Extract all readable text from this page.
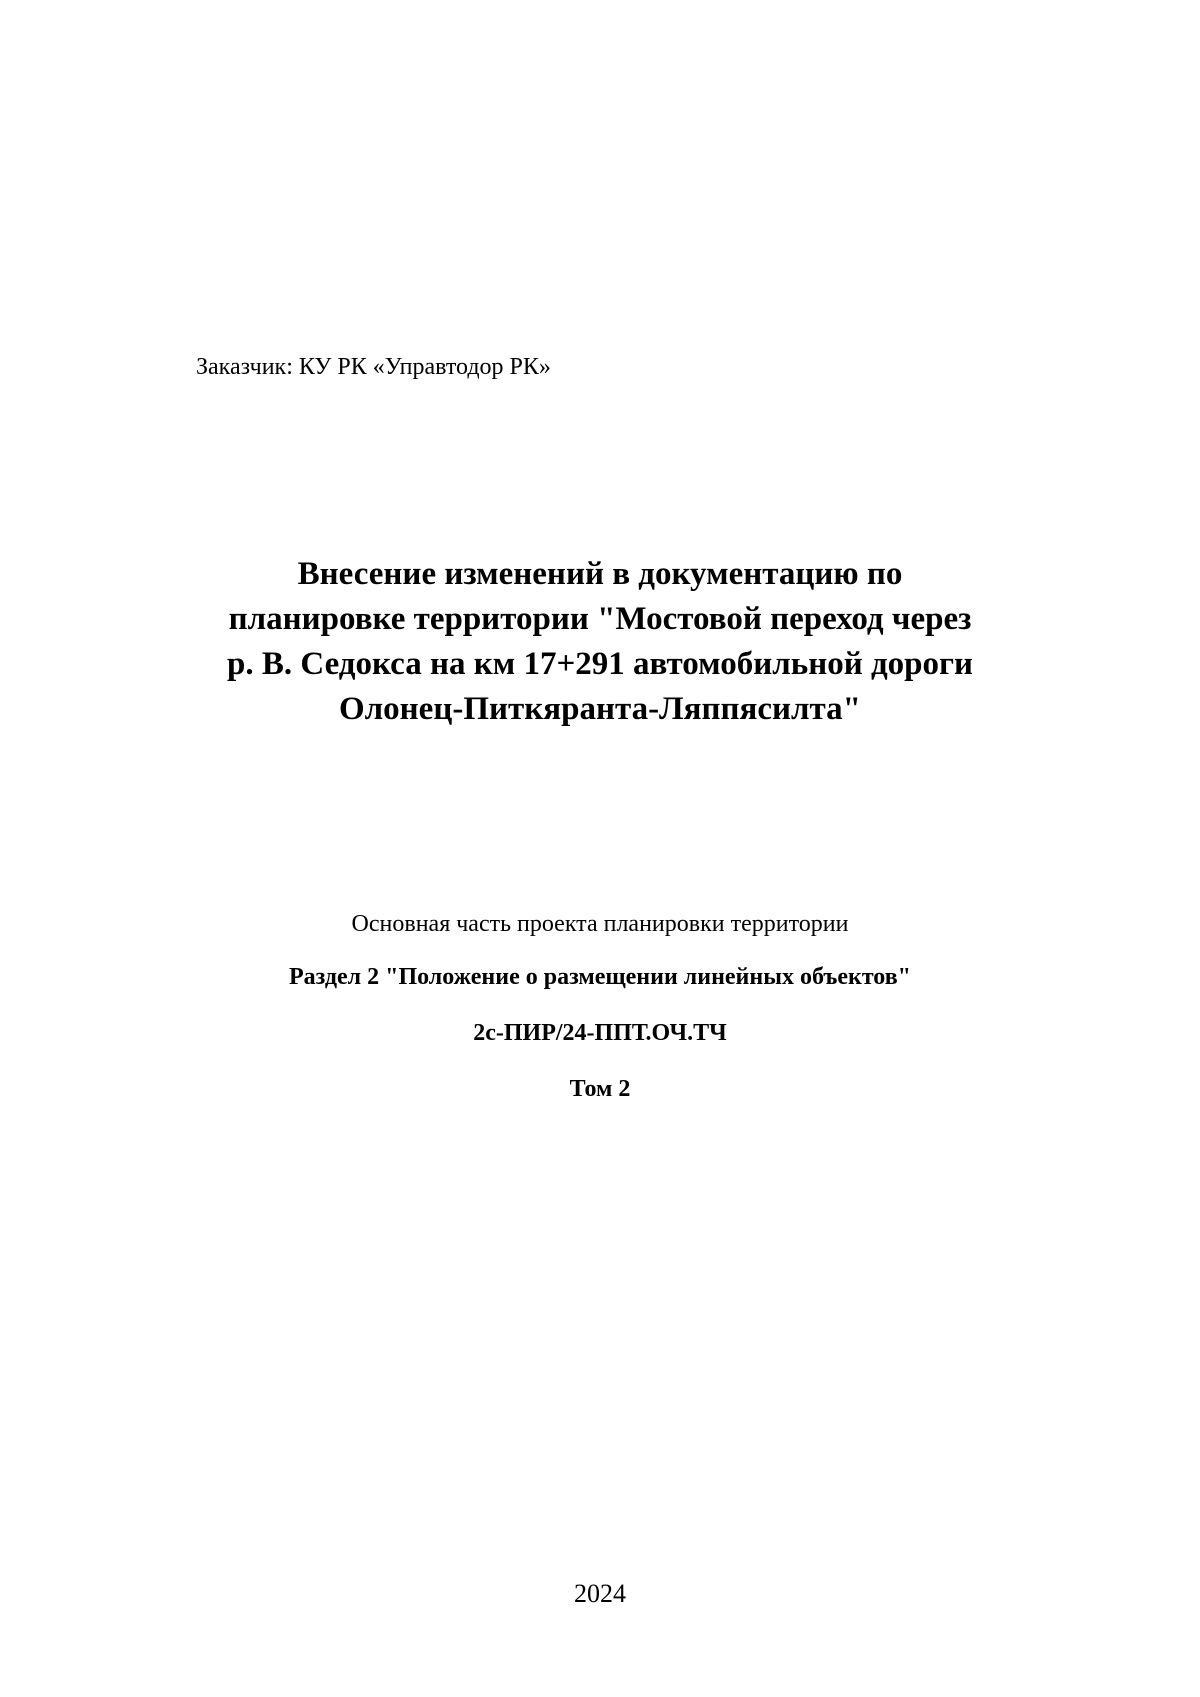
Заказчик: КУ РК «Управтодор РК»
Внесение изменений в документацию по
планировке территории "Мостовой переход через
р. В. Седокса на км 17+291 автомобильной дороги
Олонец-Питкяранта-Ляппясилта"
Основная часть проекта планировки территории
Раздел 2 "Положение о размещении линейных объектов"
2с-ПИР/24-ППТ.ОЧ.ТЧ
Том 2
2024
